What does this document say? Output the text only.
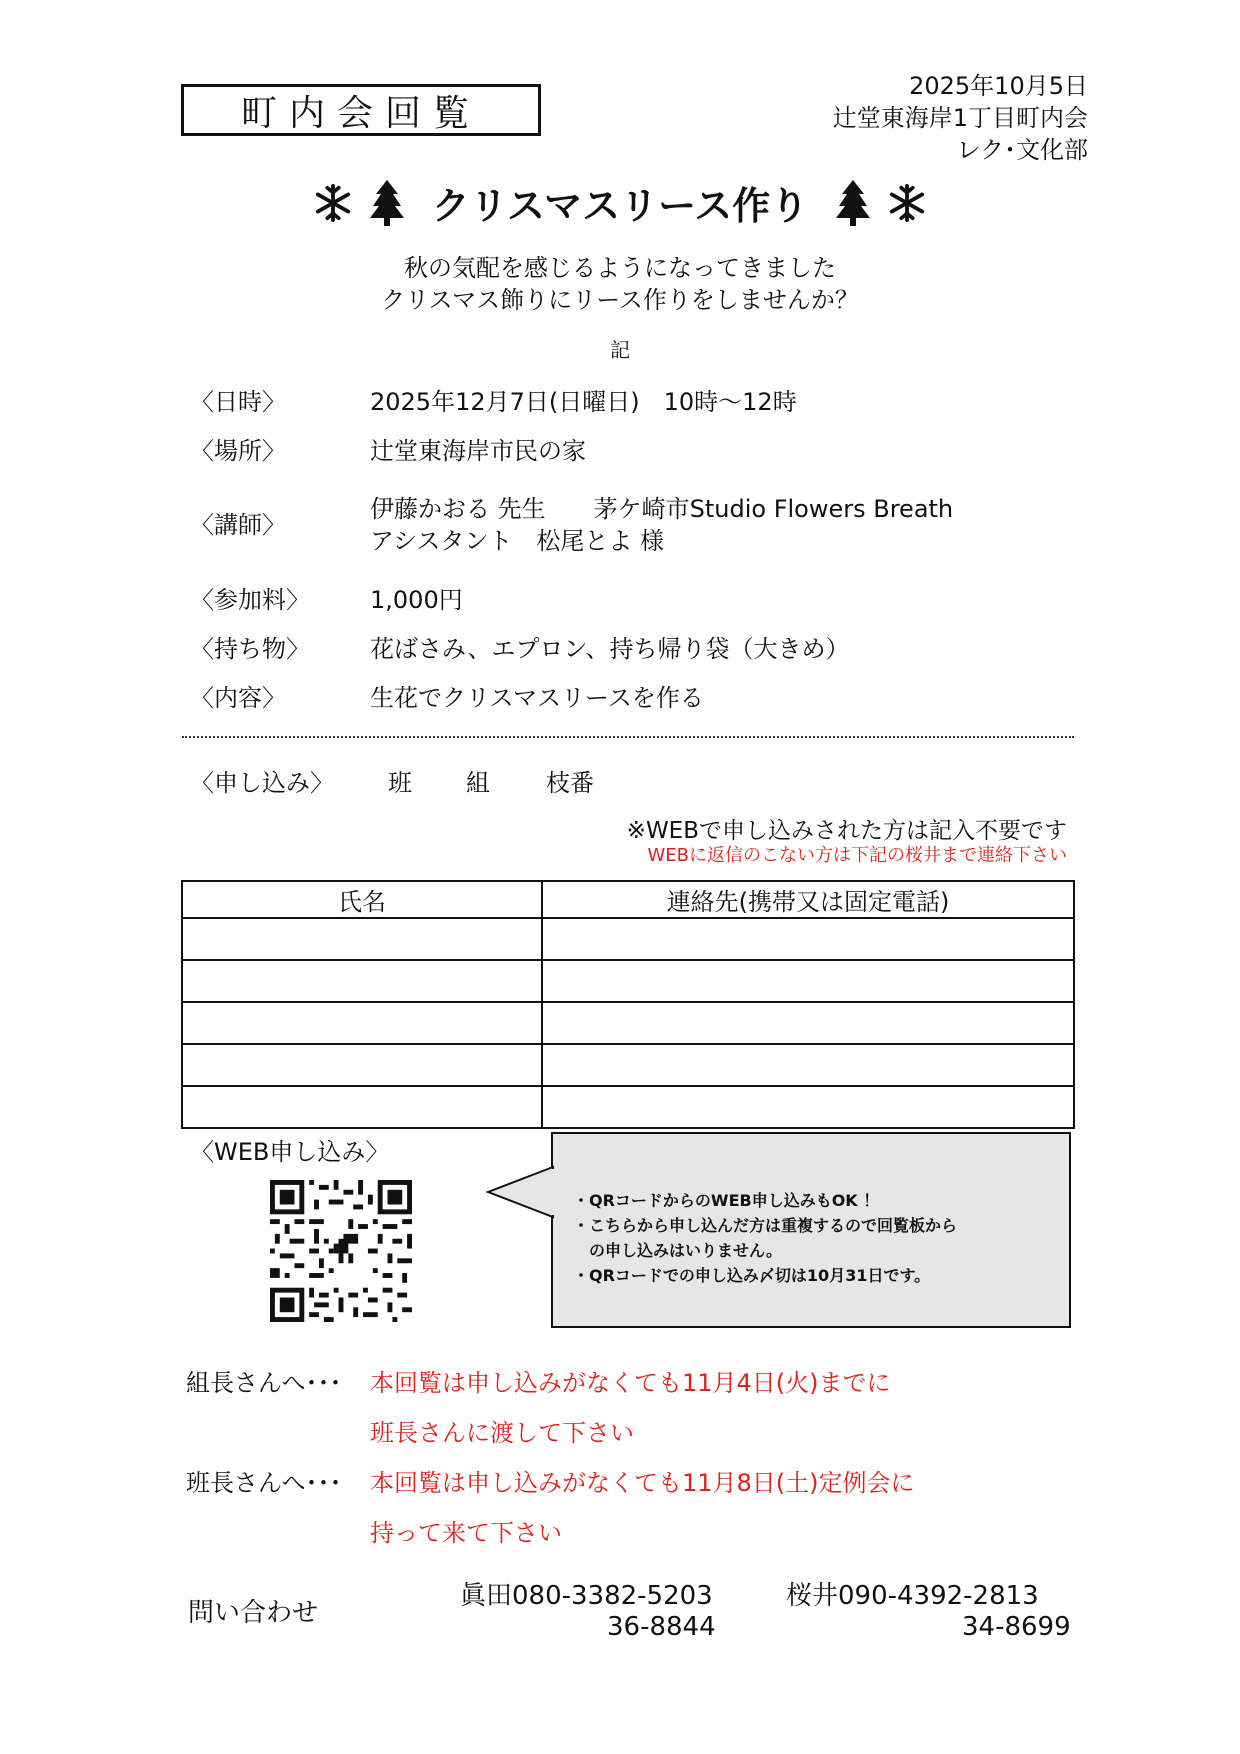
町内会回覧
2025年10月5日
辻堂東海岸1丁目町内会
レク･文化部
クリスマスリース作り
秋の気配を感じるようになってきました
クリスマス飾りにリース作りをしませんか？
記
〈日時〉	2025年12月7日(日曜日)　10時～12時
〈場所〉	辻堂東海岸市民の家
〈講師〉
伊藤かおる 先生　　茅ケ崎市Studio Flowers Breath
アシスタント　松尾とよ 様
〈参加料〉	1,000円
〈持ち物〉	花ばさみ、エプロン、持ち帰り袋（大きめ）
〈内容〉	生花でクリスマスリースを作る
〈申し込み〉 班 組 枝番
※WEBで申し込みされた方は記入不要です
WEBに返信のこない方は下記の桜井まで連絡下さい
氏名	連絡先(携帯又は固定電話)

〈WEB申し込み〉
・QRコードからのWEB申し込みもOK ！
・こちらから申し込んだ方は重複するので回覧板から
　の申し込みはいりません。
・QRコードでの申し込み〆切は10月31日です。
組長さんへ･･･ 本回覧は申し込みがなくても11月4日(火)までに
班長さんに渡して下さい
班長さんへ･･･ 本回覧は申し込みがなくても11月8日(土)定例会に
持って来て下さい
問い合わせ
眞田080-3382-5203
36-8844
桜井090-4392-2813
34-8699
